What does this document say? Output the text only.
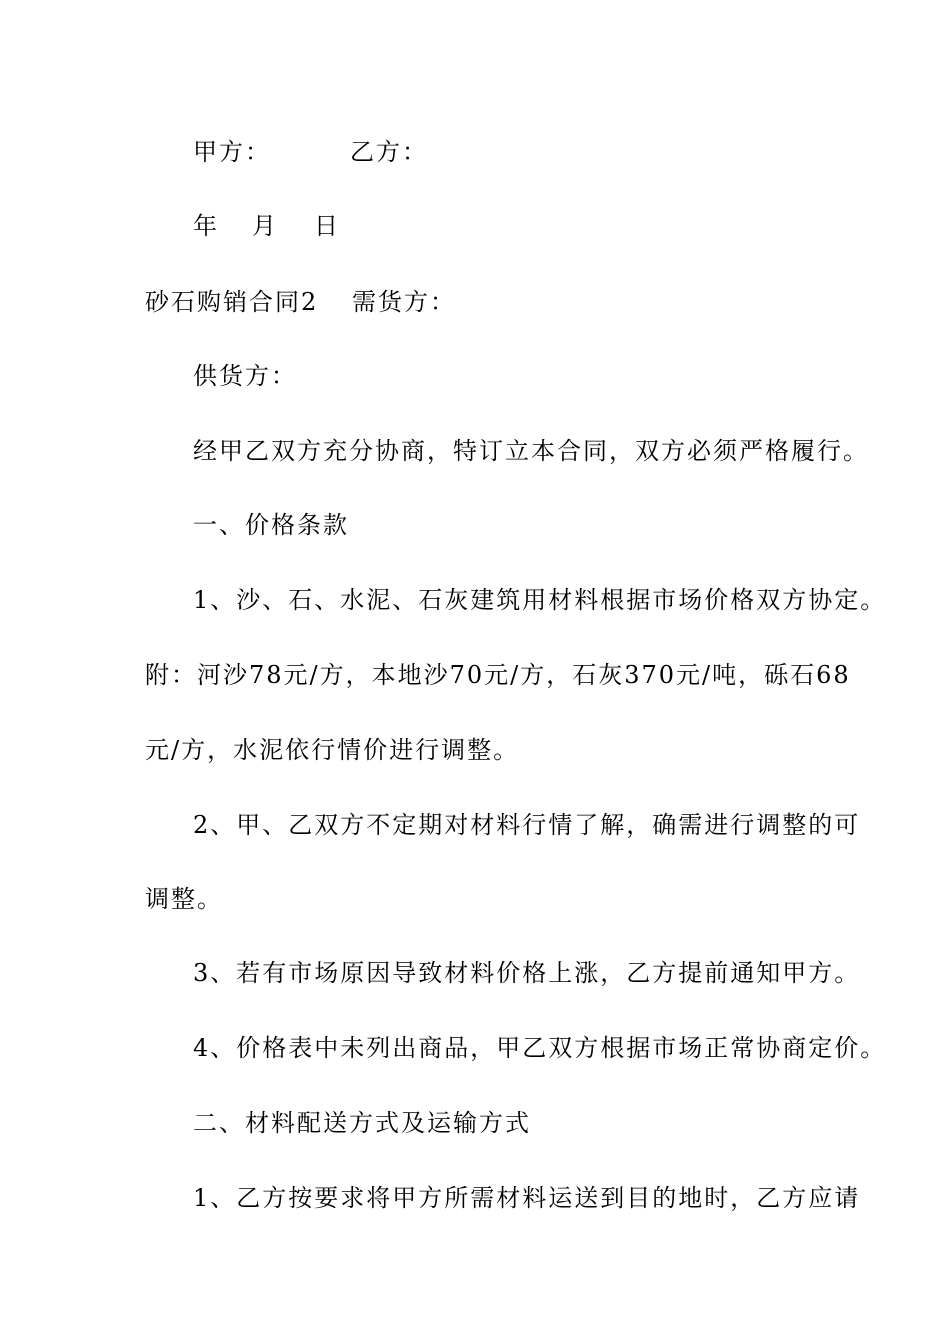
甲方：	乙方：
年 月 日
砂石购销合同2 需货方：
供货方：
经甲乙双方充分协商，特订立本合同，双方必须严格履行。
一、价格条款
1、沙、石、水泥、石灰建筑用材料根据市场价格双方协定。
附：河沙78元/方，本地沙70元/方，石灰370元/吨，砾石68
元/方，水泥依行情价进行调整。
2、甲、乙双方不定期对材料行情了解，确需进行调整的可
调整。
3、若有市场原因导致材料价格上涨，乙方提前通知甲方。
4、价格表中未列出商品，甲乙双方根据市场正常协商定价。
二、材料配送方式及运输方式
1、乙方按要求将甲方所需材料运送到目的地时，乙方应请
